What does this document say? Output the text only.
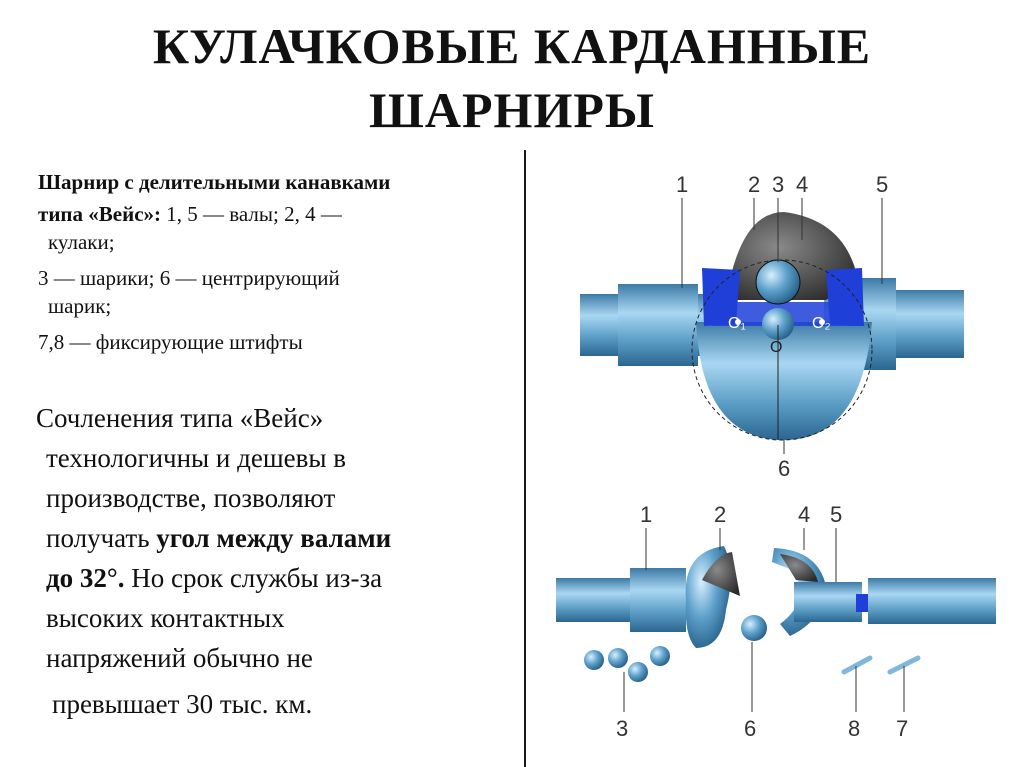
КУЛАЧКОВЫЕ КАРДАННЫЕ
ШАРНИРЫ
Шарнир с делительными канавками
типа «Вейс»: 1, 5 — валы; 2, 4 —
кулаки;
3 — шарики; 6 — центрирующий
шарик;
7,8 — фиксирующие штифты
Сочленения типа «Вейс»
технологичны и дешевы в
производстве, позволяют
получать угол между валами
до 32°. Но срок службы из-за
высоких контактных
напряжений обычно не
превышает 30 тыс. км.
O₁
O
O₂
1	2 3 4	5
6
1	2	4 5
3	6	8 7
